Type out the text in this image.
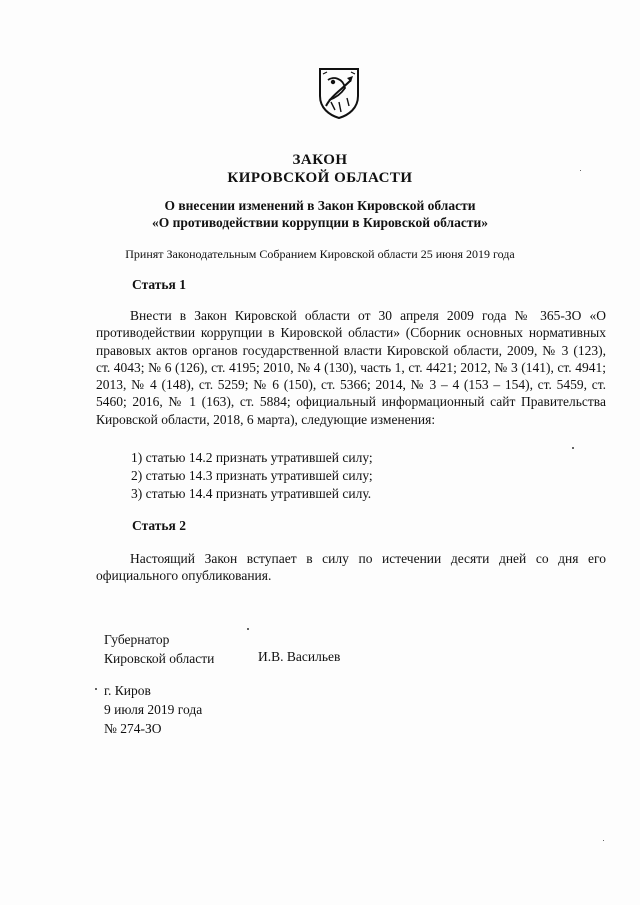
ЗАКОН
КИРОВСКОЙ ОБЛАСТИ
О внесении изменений в Закон Кировской области
«О противодействии коррупции в Кировской области»
Принят Законодательным Собранием Кировской области 25 июня 2019 года
Статья 1
Внести в Закон Кировской области от 30 апреля 2009 года № 365-ЗО «О противодействии коррупции в Кировской области» (Сборник основных нормативных правовых актов органов государственной власти Кировской области, 2009, № 3 (123), ст. 4043; № 6 (126), ст. 4195; 2010, № 4 (130), часть 1, ст. 4421; 2012, № 3 (141), ст. 4941; 2013, № 4 (148), ст. 5259; № 6 (150), ст. 5366; 2014, № 3 – 4 (153 – 154), ст. 5459, ст. 5460; 2016, № 1 (163), ст. 5884; официальный информационный сайт Правительства Кировской области, 2018, 6 марта), следующие изменения:
1) статью 14.2 признать утратившей силу;
2) статью 14.3 признать утратившей силу;
3) статью 14.4 признать утратившей силу.
Статья 2
Настоящий Закон вступает в силу по истечении десяти дней со дня его официального опубликования.
Губернатор
Кировской области	И.В. Васильев
г. Киров
9 июля 2019 года
№ 274-ЗО
